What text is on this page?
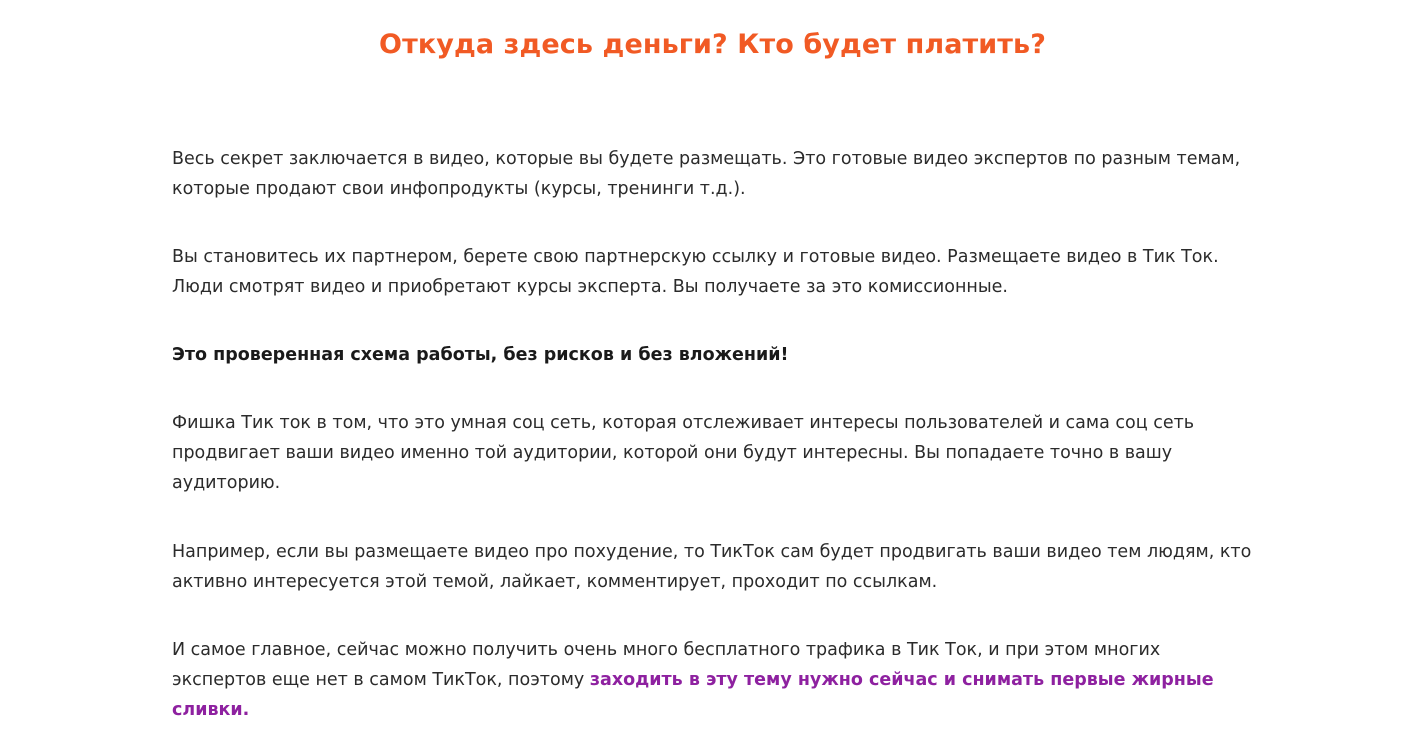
Откуда здесь деньги? Кто будет платить?

Весь секрет заключается в видео, которые вы будете размещать. Это готовые видео экспертов по разным темам, которые продают свои инфопродукты (курсы, тренинги т.д.).

Вы становитесь их партнером, берете свою партнерскую ссылку и готовые видео. Размещаете видео в Тик Ток. Люди смотрят видео и приобретают курсы эксперта. Вы получаете за это комиссионные.

Это проверенная схема работы, без рисков и без вложений!

Фишка Тик ток в том, что это умная соц сеть, которая отслеживает интересы пользователей и сама соц сеть продвигает ваши видео именно той аудитории, которой они будут интересны. Вы попадаете точно в вашу аудиторию.

Например, если вы размещаете видео про похудение, то ТикТок сам будет продвигать ваши видео тем людям, кто активно интересуется этой темой, лайкает, комментирует, проходит по ссылкам.

И самое главное, сейчас можно получить очень много бесплатного трафика в Тик Ток, и при этом многих экспертов еще нет в самом ТикТок, поэтому заходить в эту тему нужно сейчас и снимать первые жирные сливки.
